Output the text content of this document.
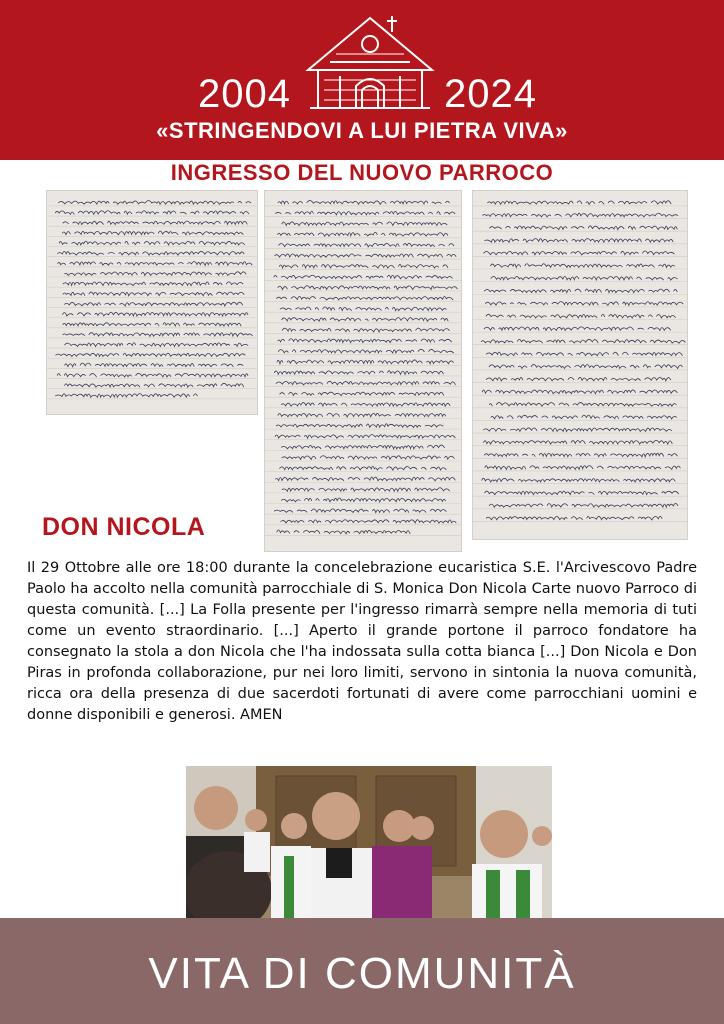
2004	2024
«STRINGENDOVI A LUI PIETRA VIVA»
INGRESSO DEL NUOVO PARROCO
DON NICOLA

Il 29 Ottobre alle ore 18:00 durante la concelebrazione eucaristica S.E. l'Arcivescovo Padre Paolo ha accolto nella comunità parrocchiale di S. Monica Don Nicola Carte nuovo Parroco di questa comunità. [...] La Folla presente per l'ingresso rimarrà sempre nella memoria di tuti come un evento straordinario. [...] Aperto il grande portone il parroco fondatore ha consegnato la stola a don Nicola che l'ha indossata sulla cotta bianca [...] Don Nicola e Don Piras in profonda collaborazione, pur nei loro limiti, servono in sintonia la nuova comunità, ricca ora della presenza di due sacerdoti fortunati di avere come parrocchiani uomini e donne disponibili e generosi. AMEN

VITA DI COMUNITÀ
